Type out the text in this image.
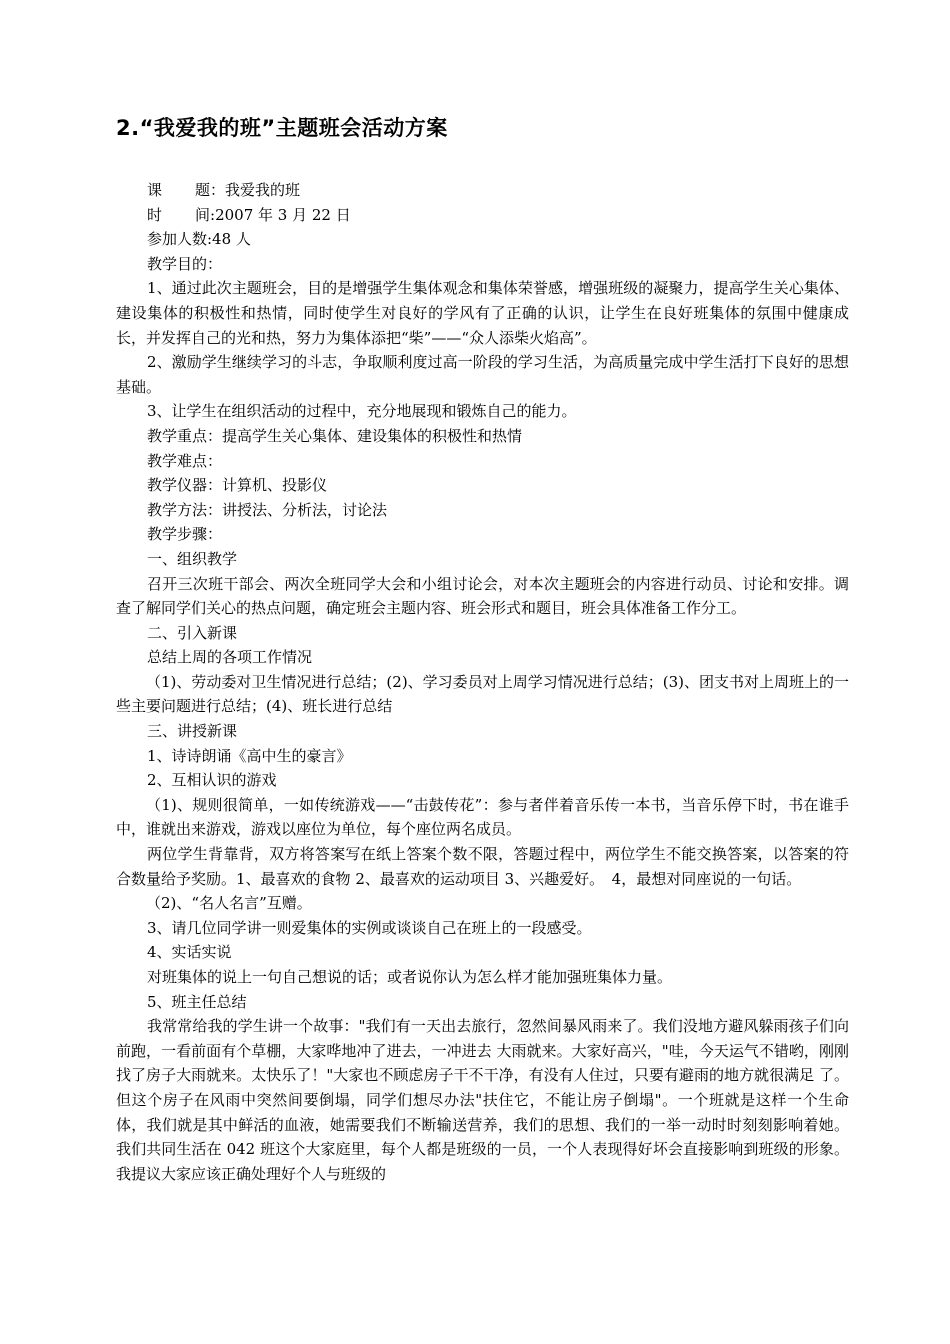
2.“我爱我的班”主题班会活动方案

课 题：我爱我的班

时 间:2007 年 3 月 22 日

参加人数:48 人

教学目的：

1、通过此次主题班会，目的是增强学生集体观念和集体荣誉感，增强班级的凝聚力，提高学生关心集体、建设集体的积极性和热情，同时使学生对良好的学风有了正确的认识，让学生在良好班集体的氛围中健康成长，并发挥自己的光和热，努力为集体添把“柴”——“众人添柴火焰高”。

2、激励学生继续学习的斗志，争取顺利度过高一阶段的学习生活，为高质量完成中学生活打下良好的思想基础。

3、让学生在组织活动的过程中，充分地展现和锻炼自己的能力。

教学重点：提高学生关心集体、建设集体的积极性和热情

教学难点：

教学仪器：计算机、投影仪

教学方法：讲授法、分析法，讨论法

教学步骤：

一、组织教学

召开三次班干部会、两次全班同学大会和小组讨论会，对本次主题班会的内容进行动员、讨论和安排。调查了解同学们关心的热点问题，确定班会主题内容、班会形式和题目，班会具体准备工作分工。

二、引入新课

总结上周的各项工作情况

（1)、劳动委对卫生情况进行总结；(2)、学习委员对上周学习情况进行总结；(3)、团支书对上周班上的一些主要问题进行总结；(4)、班长进行总结

三、讲授新课

1、诗诗朗诵《高中生的豪言》

2、互相认识的游戏

（1)、规则很简单，一如传统游戏——“击鼓传花”：参与者伴着音乐传一本书，当音乐停下时，书在谁手中，谁就出来游戏，游戏以座位为单位，每个座位两名成员。

两位学生背靠背，双方将答案写在纸上答案个数不限，答题过程中，两位学生不能交换答案，以答案的符合数量给予奖励。1、最喜欢的食物 2、最喜欢的运动项目 3、兴趣爱好。　4，最想对同座说的一句话。

（2)、“名人名言”互赠。

3、请几位同学讲一则爱集体的实例或谈谈自己在班上的一段感受。

4、实话实说

对班集体的说上一句自己想说的话；或者说你认为怎么样才能加强班集体力量。

5、班主任总结

我常常给我的学生讲一个故事："我们有一天出去旅行，忽然间暴风雨来了。我们没地方避风躲雨孩子们向前跑，一看前面有个草棚，大家哗地冲了进去，一冲进去 大雨就来。大家好高兴，"哇，今天运气不错哟，刚刚找了房子大雨就来。太快乐了！"大家也不顾虑房子干不干净，有没有人住过，只要有避雨的地方就很满足 了。但这个房子在风雨中突然间要倒塌，同学们想尽办法"扶住它，不能让房子倒塌"。一个班就是这样一个生命体，我们就是其中鲜活的血液，她需要我们不断输送营养，我们的思想、我们的一举一动时时刻刻影响着她。我们共同生活在 042 班这个大家庭里，每个人都是班级的一员，一个人表现得好坏会直接影响到班级的形象。我提议大家应该正确处理好个人与班级的
